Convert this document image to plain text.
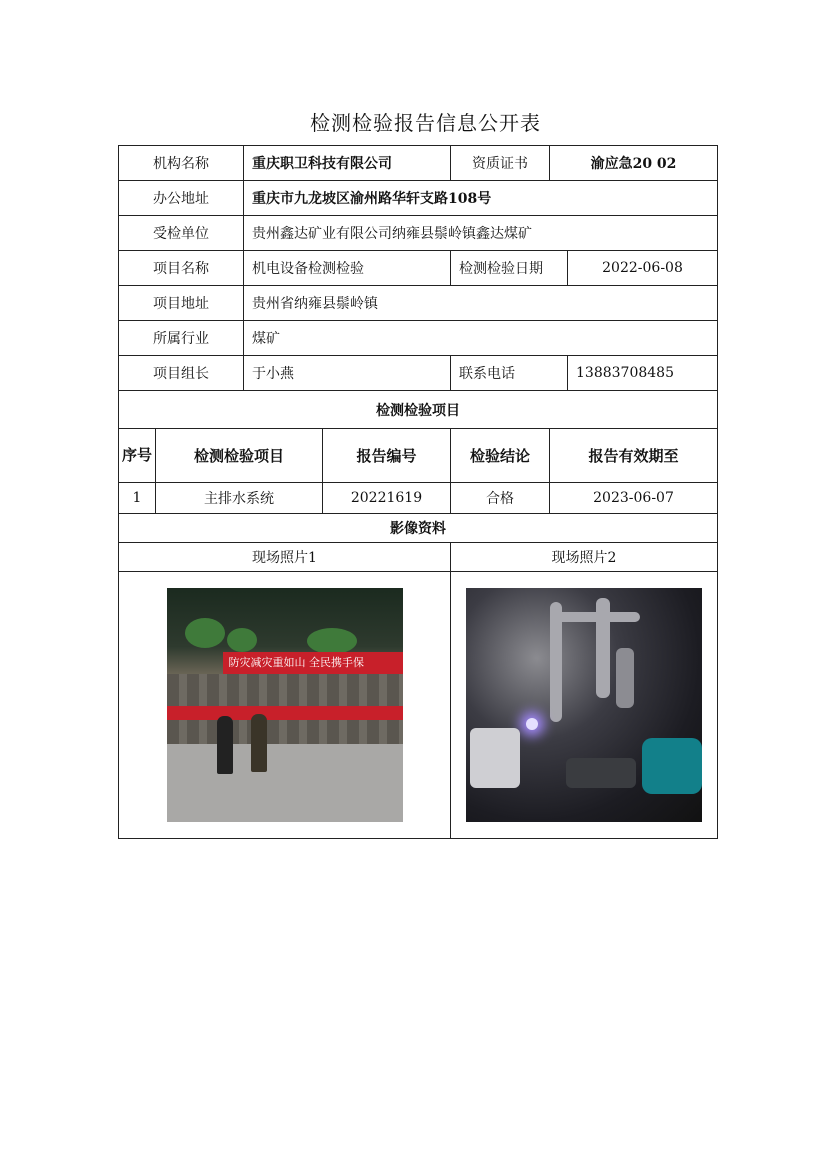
检测检验报告信息公开表
机构名称		重庆职卫科技有限公司		资质证书	渝应急20 02	
办公地址		重庆市九龙坡区渝州路华轩支路108号				
受检单位		贵州鑫达矿业有限公司纳雍县鬃岭镇鑫达煤矿				
项目名称		机电设备检测检验		检测检验日期		2022-06-08
项目地址		贵州省纳雍县鬃岭镇				
所属行业		煤矿				
项目组长		于小燕		联系电话		13883708485
检测检验项目						
序号	检测检验项目		报告编号	检验结论	报告有效期至	
1	主排水系统		20221619	合格	2023-06-07	
影像资料						
现场照片1				现场照片2		

防灾减灾重如山 全民携手保						
